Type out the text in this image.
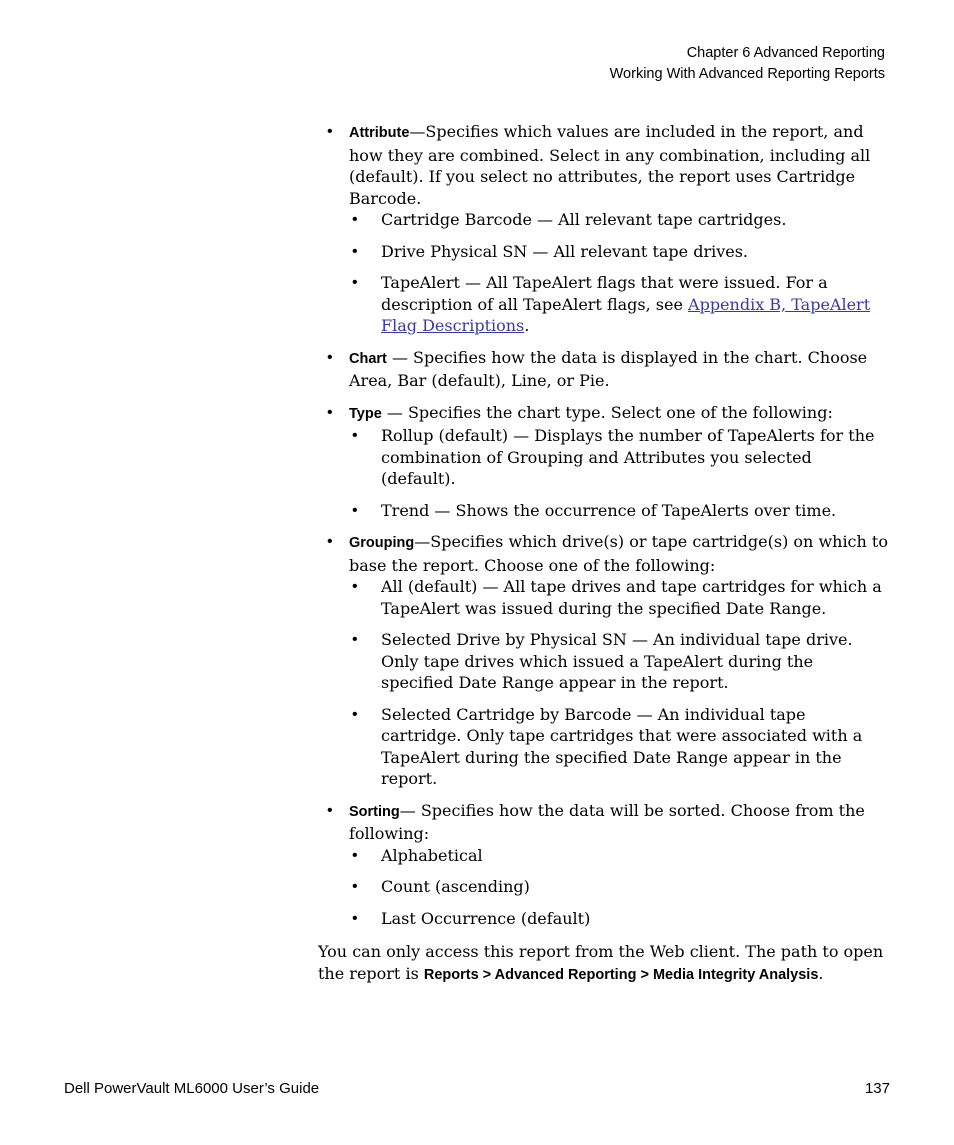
Chapter 6 Advanced Reporting
Working With Advanced Reporting Reports
• Attribute—Specifies which values are included in the report, and how they are combined. Select in any combination, including all (default). If you select no attributes, the report uses Cartridge Barcode.
• Cartridge Barcode — All relevant tape cartridges.
• Drive Physical SN — All relevant tape drives.
• TapeAlert — All TapeAlert flags that were issued. For a description of all TapeAlert flags, see Appendix B, TapeAlert Flag Descriptions.
• Chart — Specifies how the data is displayed in the chart. Choose Area, Bar (default), Line, or Pie.
• Type — Specifies the chart type. Select one of the following:
• Rollup (default) — Displays the number of TapeAlerts for the combination of Grouping and Attributes you selected (default).
• Trend — Shows the occurrence of TapeAlerts over time.
• Grouping—Specifies which drive(s) or tape cartridge(s) on which to base the report. Choose one of the following:
• All (default) — All tape drives and tape cartridges for which a TapeAlert was issued during the specified Date Range.
• Selected Drive by Physical SN — An individual tape drive. Only tape drives which issued a TapeAlert during the specified Date Range appear in the report.
• Selected Cartridge by Barcode — An individual tape cartridge. Only tape cartridges that were associated with a TapeAlert during the specified Date Range appear in the report.
• Sorting— Specifies how the data will be sorted. Choose from the following:
• Alphabetical
• Count (ascending)
• Last Occurrence (default)

You can only access this report from the Web client. The path to open the report is Reports > Advanced Reporting > Media Integrity Analysis.

Dell PowerVault ML6000 User’s Guide	137
